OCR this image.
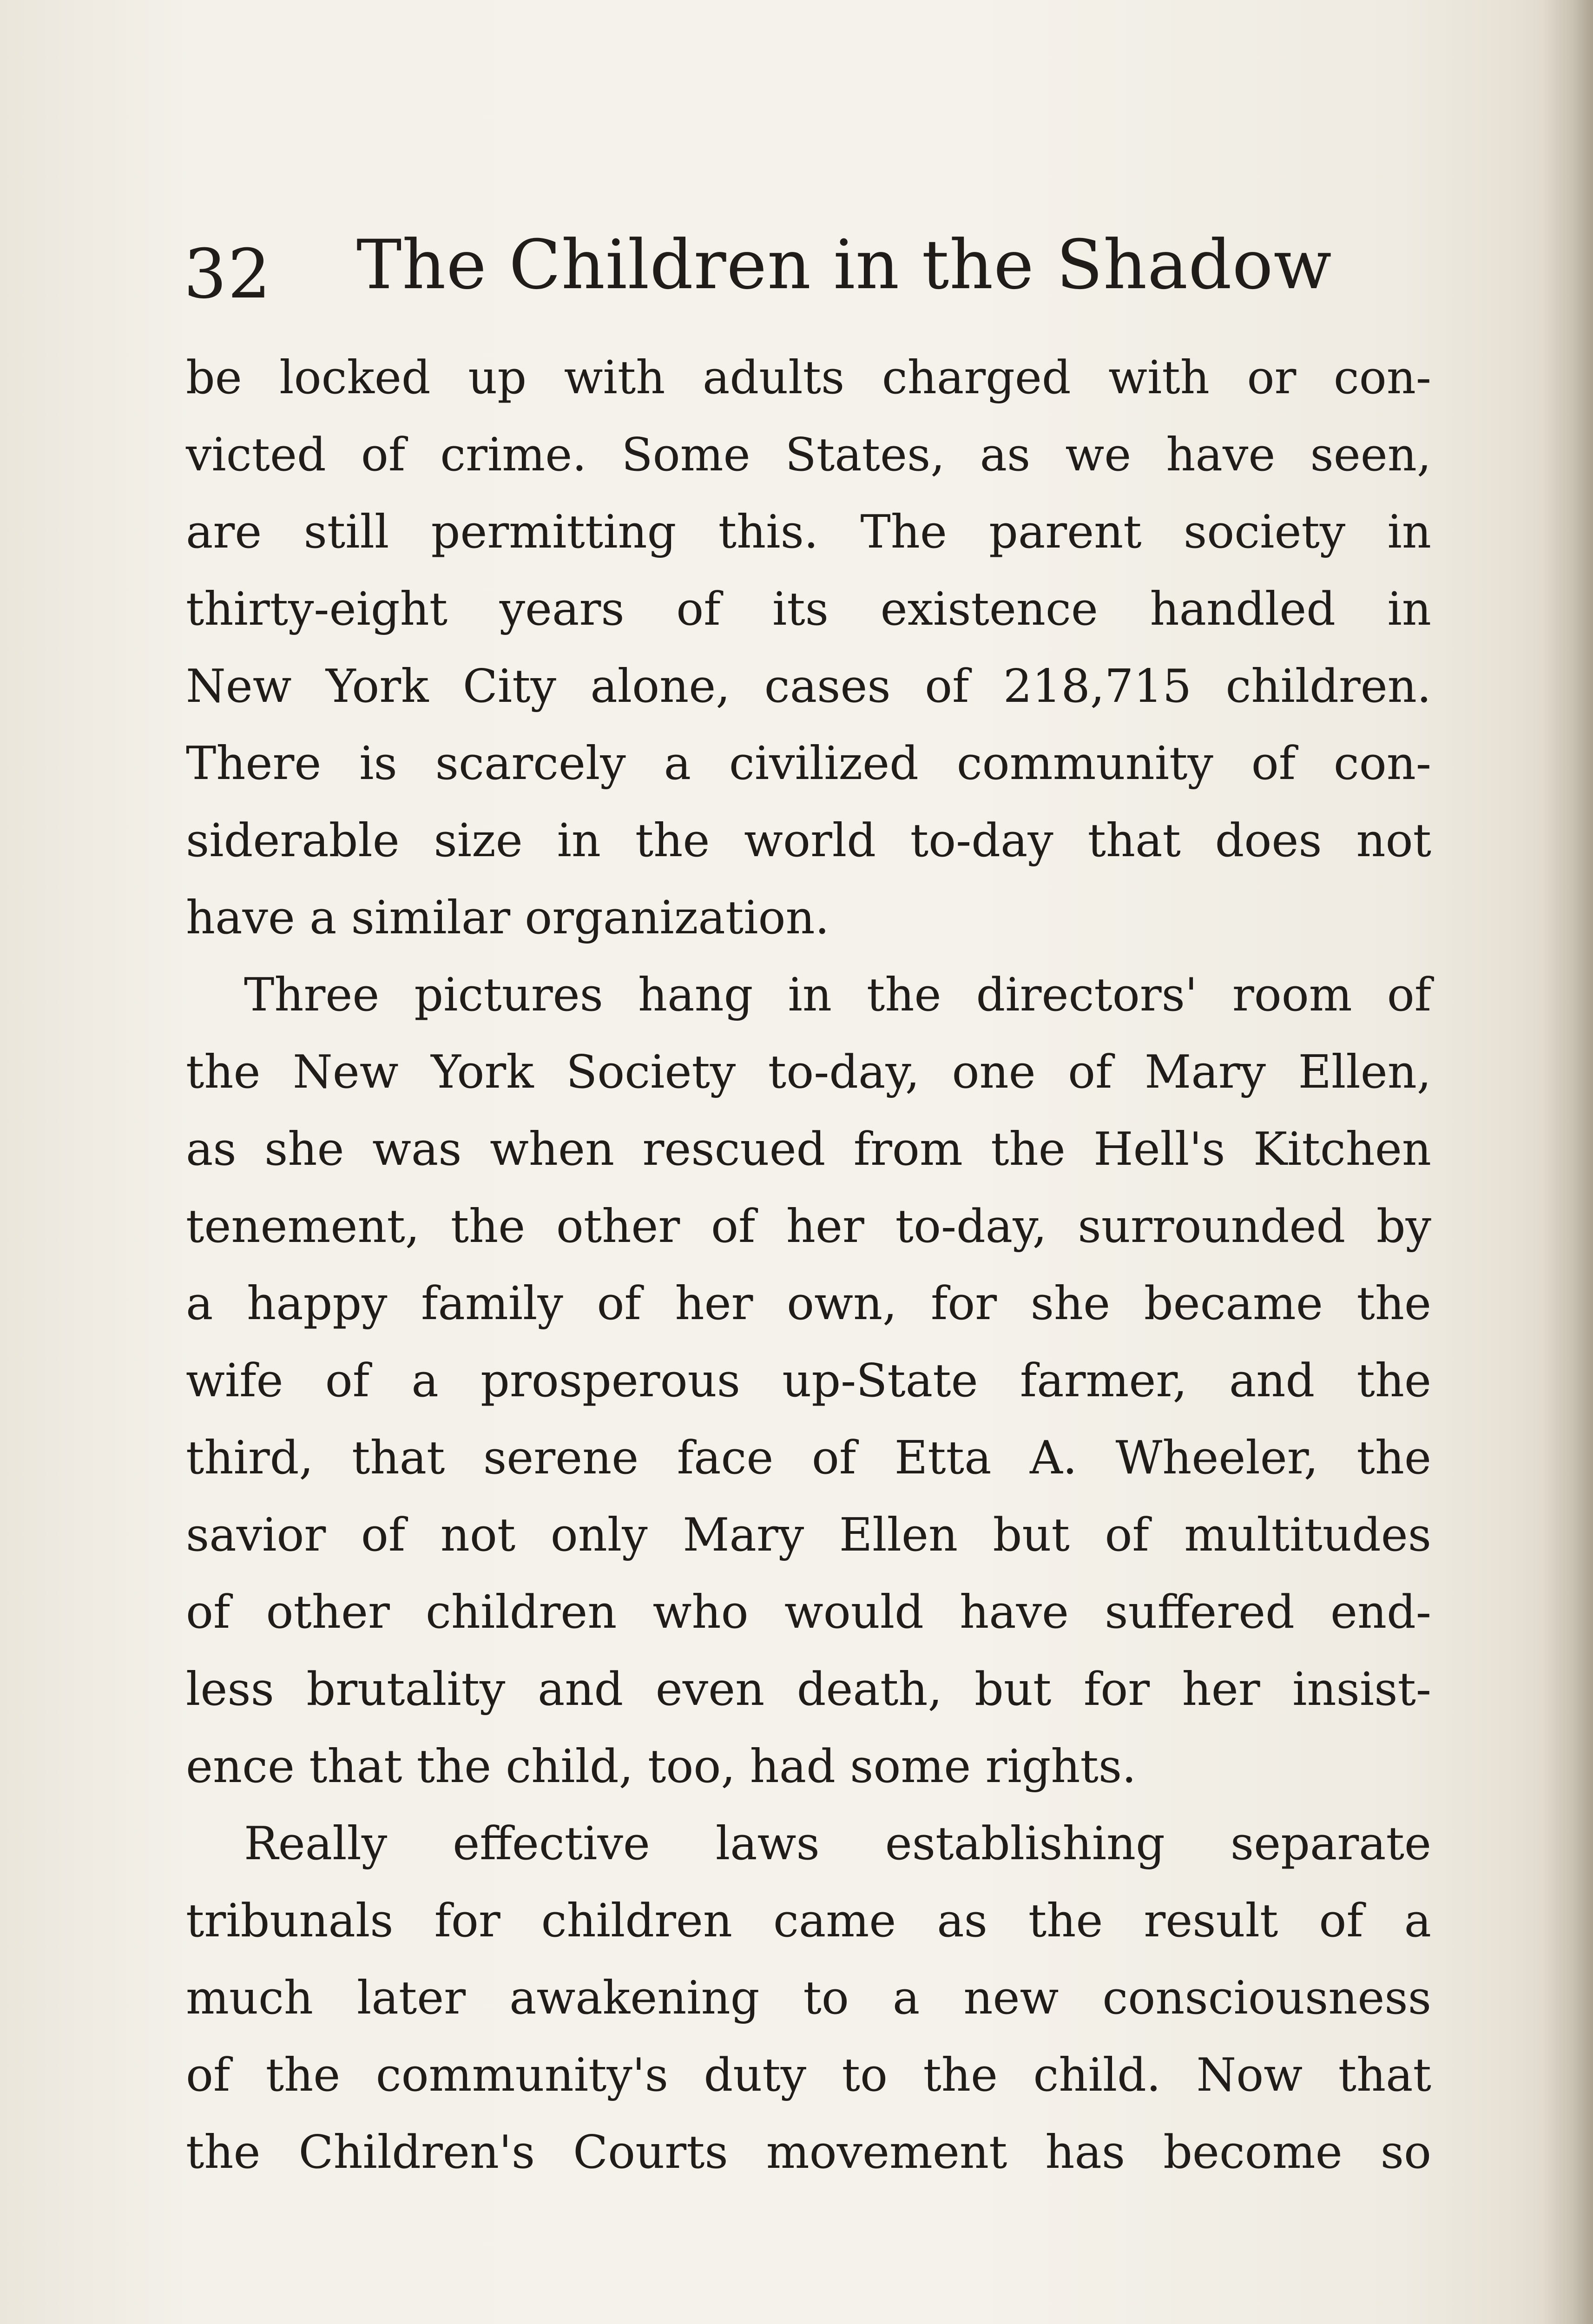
32 The Children in the Shadow
be locked up with adults charged with or con-
victed of crime. Some States, as we have seen,
are still permitting this. The parent society in
thirty-eight years of its existence handled in
New York City alone, cases of 218,715 children.
There is scarcely a civilized community of con-
siderable size in the world to-day that does not
have a similar organization.
Three pictures hang in the directors' room of
the New York Society to-day, one of Mary Ellen,
as she was when rescued from the Hell's Kitchen
tenement, the other of her to-day, surrounded by
a happy family of her own, for she became the
wife of a prosperous up-State farmer, and the
third, that serene face of Etta A. Wheeler, the
savior of not only Mary Ellen but of multitudes
of other children who would have suffered end-
less brutality and even death, but for her insist-
ence that the child, too, had some rights.
Really effective laws establishing separate
tribunals for children came as the result of a
much later awakening to a new consciousness
of the community's duty to the child. Now that
the Children's Courts movement has become so
